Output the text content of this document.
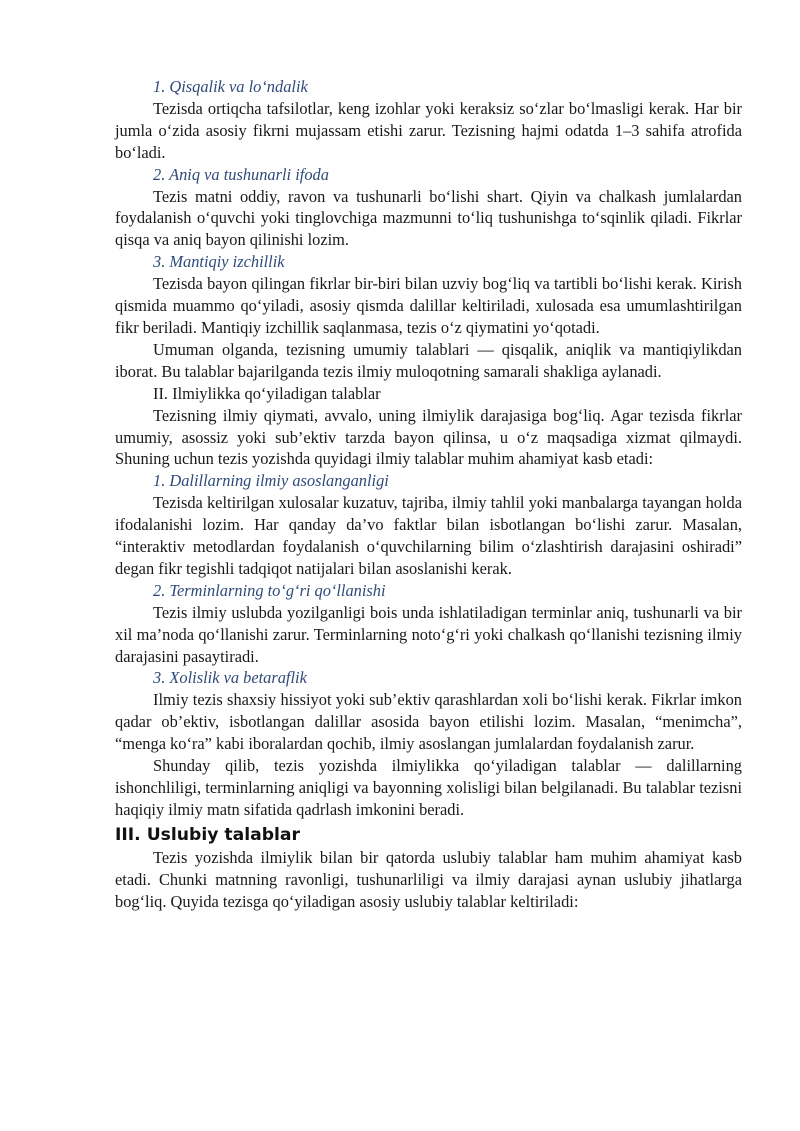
1. Qisqalik va lo‘ndalik

Tezisda ortiqcha tafsilotlar, keng izohlar yoki keraksiz so‘zlar bo‘lmasligi kerak. Har bir jumla o‘zida asosiy fikrni mujassam etishi zarur. Tezisning hajmi odatda 1–3 sahifa atrofida bo‘ladi.

2. Aniq va tushunarli ifoda

Tezis matni oddiy, ravon va tushunarli bo‘lishi shart. Qiyin va chalkash jumlalardan foydalanish o‘quvchi yoki tinglovchiga mazmunni to‘liq tushunishga to‘sqinlik qiladi. Fikrlar qisqa va aniq bayon qilinishi lozim.

3. Mantiqiy izchillik

Tezisda bayon qilingan fikrlar bir-biri bilan uzviy bog‘liq va tartibli bo‘lishi kerak. Kirish qismida muammo qo‘yiladi, asosiy qismda dalillar keltiriladi, xulosada esa umumlashtirilgan fikr beriladi. Mantiqiy izchillik saqlanmasa, tezis o‘z qiymatini yo‘qotadi.

Umuman olganda, tezisning umumiy talablari — qisqalik, aniqlik va mantiqiylikdan iborat. Bu talablar bajarilganda tezis ilmiy muloqotning samarali shakliga aylanadi.

II. Ilmiylikka qo‘yiladigan talablar

Tezisning ilmiy qiymati, avvalo, uning ilmiylik darajasiga bog‘liq. Agar tezisda fikrlar umumiy, asossiz yoki sub’ektiv tarzda bayon qilinsa, u o‘z maqsadiga xizmat qilmaydi. Shuning uchun tezis yozishda quyidagi ilmiy talablar muhim ahamiyat kasb etadi:

1. Dalillarning ilmiy asoslanganligi

Tezisda keltirilgan xulosalar kuzatuv, tajriba, ilmiy tahlil yoki manbalarga tayangan holda ifodalanishi lozim. Har qanday da’vo faktlar bilan isbotlangan bo‘lishi zarur. Masalan, “interaktiv metodlardan foydalanish o‘quvchilarning bilim o‘zlashtirish darajasini oshiradi” degan fikr tegishli tadqiqot natijalari bilan asoslanishi kerak.

2. Terminlarning to‘g‘ri qo‘llanishi

Tezis ilmiy uslubda yozilganligi bois unda ishlatiladigan terminlar aniq, tushunarli va bir xil ma’noda qo‘llanishi zarur. Terminlarning noto‘g‘ri yoki chalkash qo‘llanishi tezisning ilmiy darajasini pasaytiradi.

3. Xolislik va betaraflik

Ilmiy tezis shaxsiy hissiyot yoki sub’ektiv qarashlardan xoli bo‘lishi kerak. Fikrlar imkon qadar ob’ektiv, isbotlangan dalillar asosida bayon etilishi lozim. Masalan, “menimcha”, “menga ko‘ra” kabi iboralardan qochib, ilmiy asoslangan jumlalardan foydalanish zarur.

Shunday qilib, tezis yozishda ilmiylikka qo‘yiladigan talablar — dalillarning ishonchliligi, terminlarning aniqligi va bayonning xolisligi bilan belgilanadi. Bu talablar tezisni haqiqiy ilmiy matn sifatida qadrlash imkonini beradi.

III. Uslubiy talablar

Tezis yozishda ilmiylik bilan bir qatorda uslubiy talablar ham muhim ahamiyat kasb etadi. Chunki matnning ravonligi, tushunarliligi va ilmiy darajasi aynan uslubiy jihatlarga bog‘liq. Quyida tezisga qo‘yiladigan asosiy uslubiy talablar keltiriladi:
